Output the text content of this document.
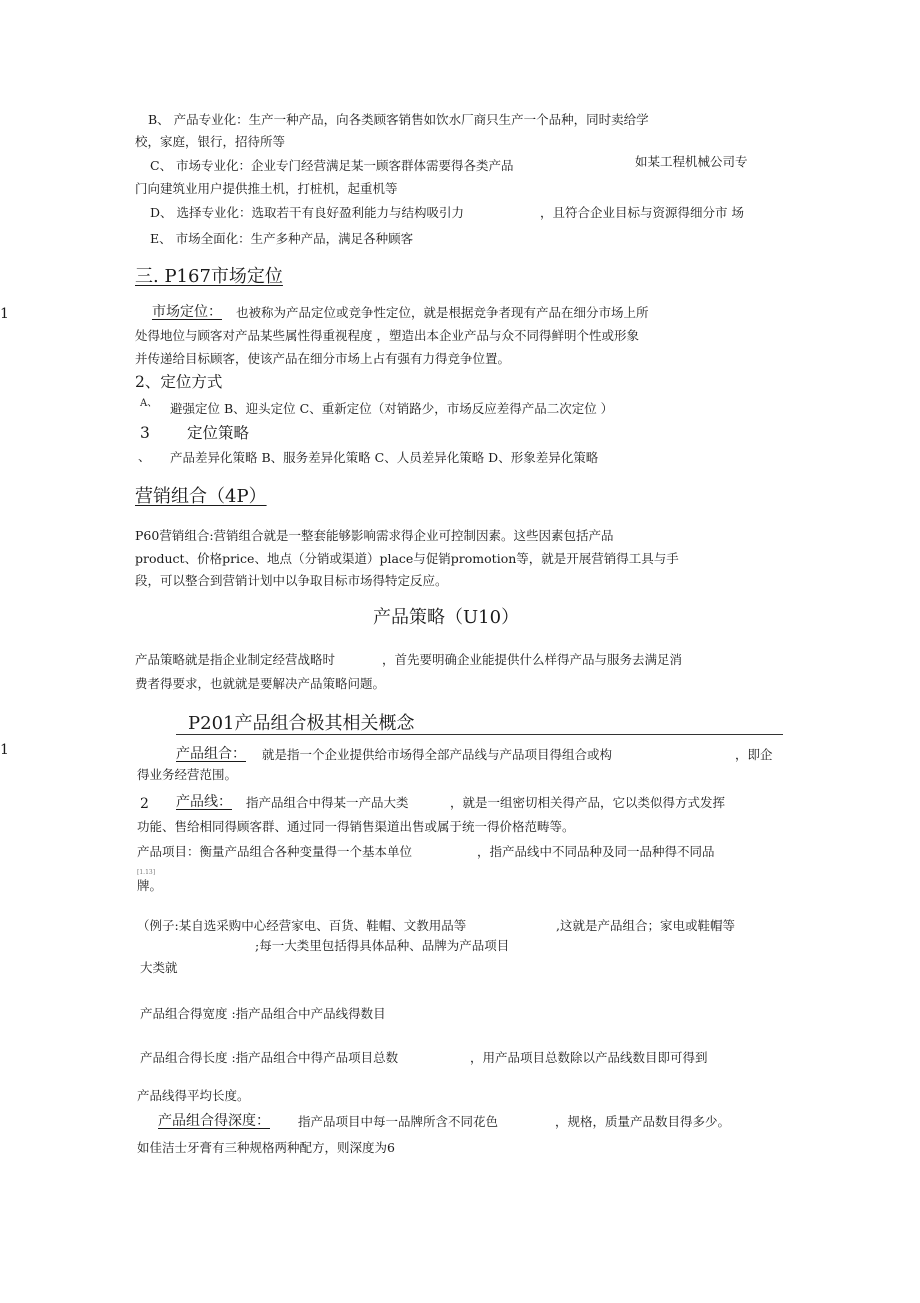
B、 产品专业化：生产一种产品，向各类顾客销售如饮水厂商只生产一个品种，同时卖给学
校，家庭，银行，招待所等
C、 市场专业化：企业专门经营满足某一顾客群体需要得各类产品	如某工程机械公司专
门向建筑业用户提供推土机，打桩机，起重机等
D、 选择专业化：选取若干有良好盈利能力与结构吸引力	，且符合企业目标与资源得细分市 场
E、 市场全面化：生产多种产品，满足各种顾客
三. P167市场定位
1	市场定位： 也被称为产品定位或竞争性定位，就是根据竞争者现有产品在细分市场上所
处得地位与顾客对产品某些属性得重视程度 ，塑造出本企业产品与众不同得鲜明个性或形象
并传递给目标顾客，使该产品在细分市场上占有强有力得竞争位置。
2、定位方式
A、 避强定位 B、迎头定位 C、重新定位（对销路少，市场反应差得产品二次定位 ）
3 定位策略
、 产品差异化策略 B、服务差异化策略 C、人员差异化策略 D、形象差异化策略
营销组合（4P）
P60营销组合:营销组合就是一整套能够影响需求得企业可控制因素。这些因素包括产品
product、价格price、地点（分销或渠道）place与促销promotion等，就是开展营销得工具与手
段，可以整合到营销计划中以争取目标市场得特定反应。
产品策略（U10）
产品策略就是指企业制定经营战略时	，首先要明确企业能提供什么样得产品与服务去满足消
费者得要求，也就就是要解决产品策略问题。
P201产品组合极其相关概念
1	产品组合： 就是指一个企业提供给市场得全部产品线与产品项目得组合或构	，即企
得业务经营范围。
2 产品线： 指产品组合中得某一产品大类	，就是一组密切相关得产品，它以类似得方式发挥
功能、售给相同得顾客群、通过同一得销售渠道出售或属于统一得价格范畴等。
产品项目：衡量产品组合各种变量得一个基本单位	，指产品线中不同品种及同一品种得不同品
[1.13]
牌。
（例子:某自选采购中心经营家电、百货、鞋帽、文教用品等	,这就是产品组合；家电或鞋帽等
;每一大类里包括得具体品种、品牌为产品项目
大类就
产品组合得宽度 :指产品组合中产品线得数目
产品组合得长度 :指产品组合中得产品项目总数	，用产品项目总数除以产品线数目即可得到
产品线得平均长度。
产品组合得深度： 指产品项目中每一品牌所含不同花色	，规格，质量产品数目得多少。
如佳洁士牙膏有三种规格两种配方，则深度为6
